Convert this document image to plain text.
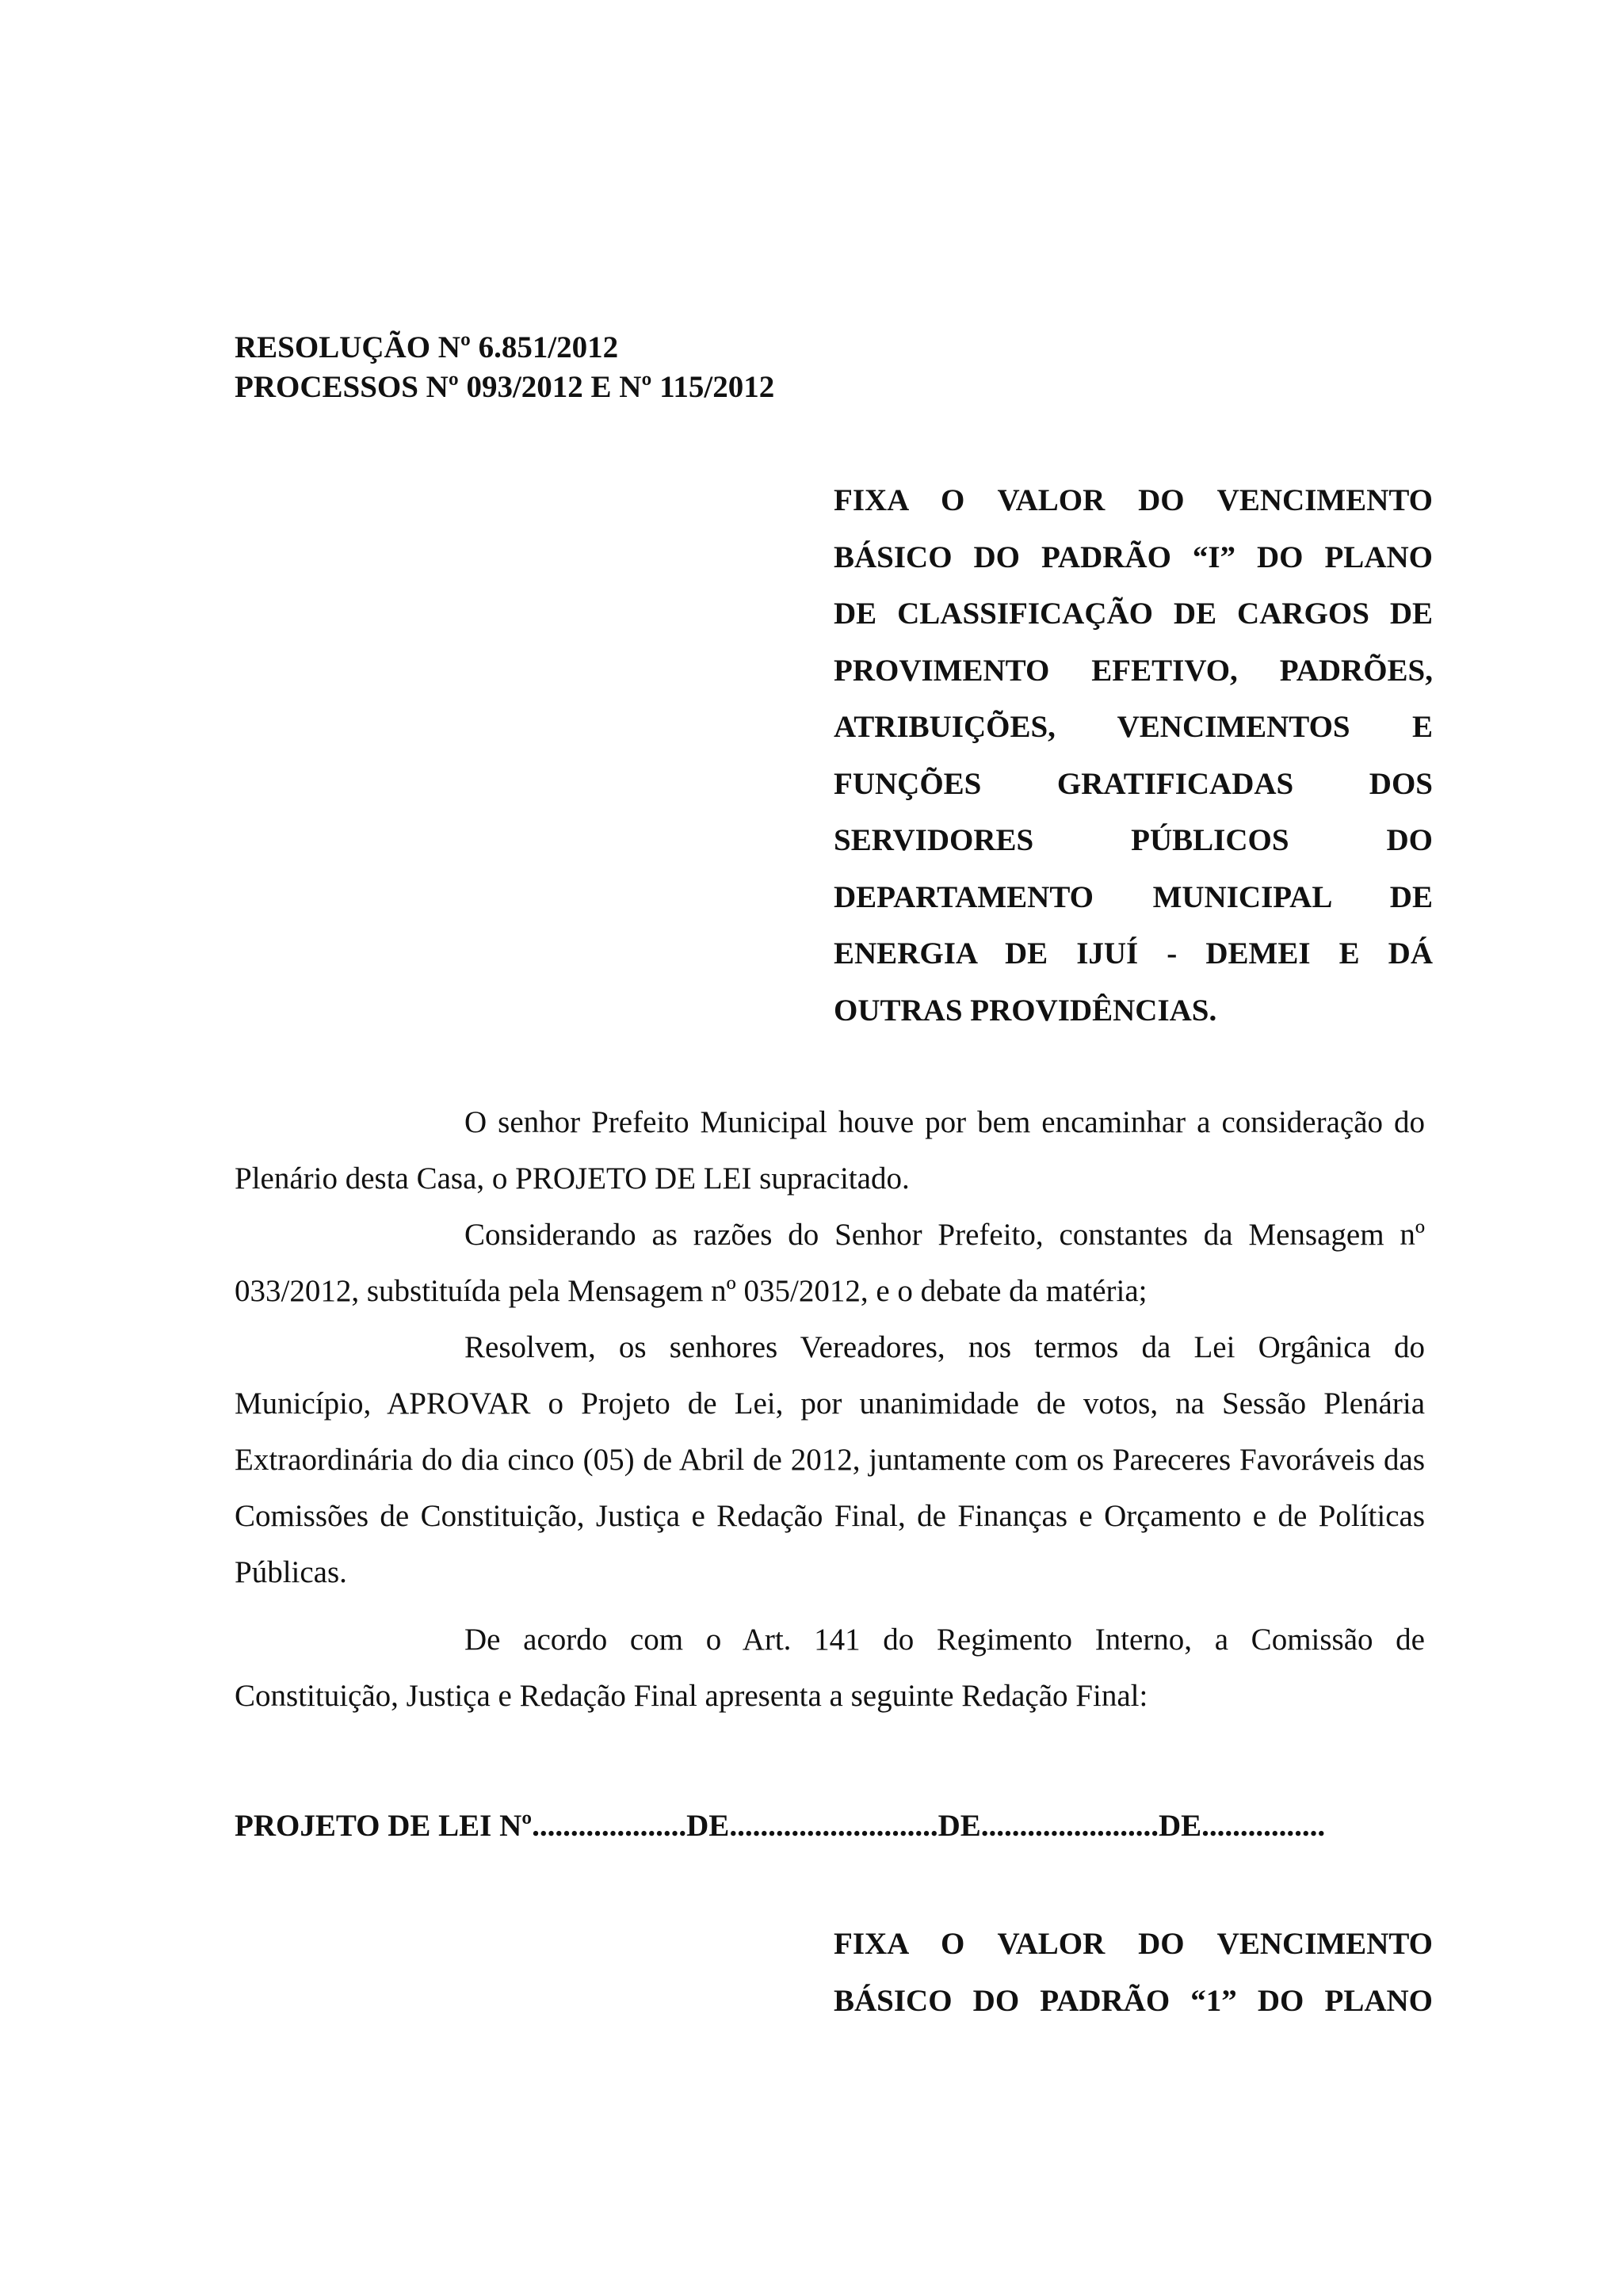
RESOLUÇÃO Nº 6.851/2012
PROCESSOS Nº 093/2012 E Nº 115/2012
FIXA O VALOR DO VENCIMENTO
BÁSICO DO PADRÃO “I” DO PLANO
DE CLASSIFICAÇÃO DE CARGOS DE
PROVIMENTO EFETIVO, PADRÕES,
ATRIBUIÇÕES, VENCIMENTOS E
FUNÇÕES GRATIFICADAS DOS
SERVIDORES PÚBLICOS DO
DEPARTAMENTO MUNICIPAL DE
ENERGIA DE IJUÍ - DEMEI E DÁ
OUTRAS PROVIDÊNCIAS.

O senhor Prefeito Municipal houve por bem encaminhar a consideração do Plenário desta Casa, o PROJETO DE LEI supracitado.

Considerando as razões do Senhor Prefeito, constantes da Mensagem nº 033/2012, substituída pela Mensagem nº 035/2012, e o debate da matéria;

Resolvem, os senhores Vereadores, nos termos da Lei Orgânica do Município, APROVAR o Projeto de Lei, por unanimidade de votos, na Sessão Plenária Extraordinária do dia cinco (05) de Abril de 2012, juntamente com os Pareceres Favoráveis das Comissões de Constituição, Justiça e Redação Final, de Finanças e Orçamento e de Políticas Públicas.

De acordo com o Art. 141 do Regimento Interno, a Comissão de Constituição, Justiça e Redação Final apresenta a seguinte Redação Final:

PROJETO DE LEI Nº....................DE...........................DE.......................DE................
FIXA O VALOR DO VENCIMENTO
BÁSICO DO PADRÃO “1” DO PLANO
